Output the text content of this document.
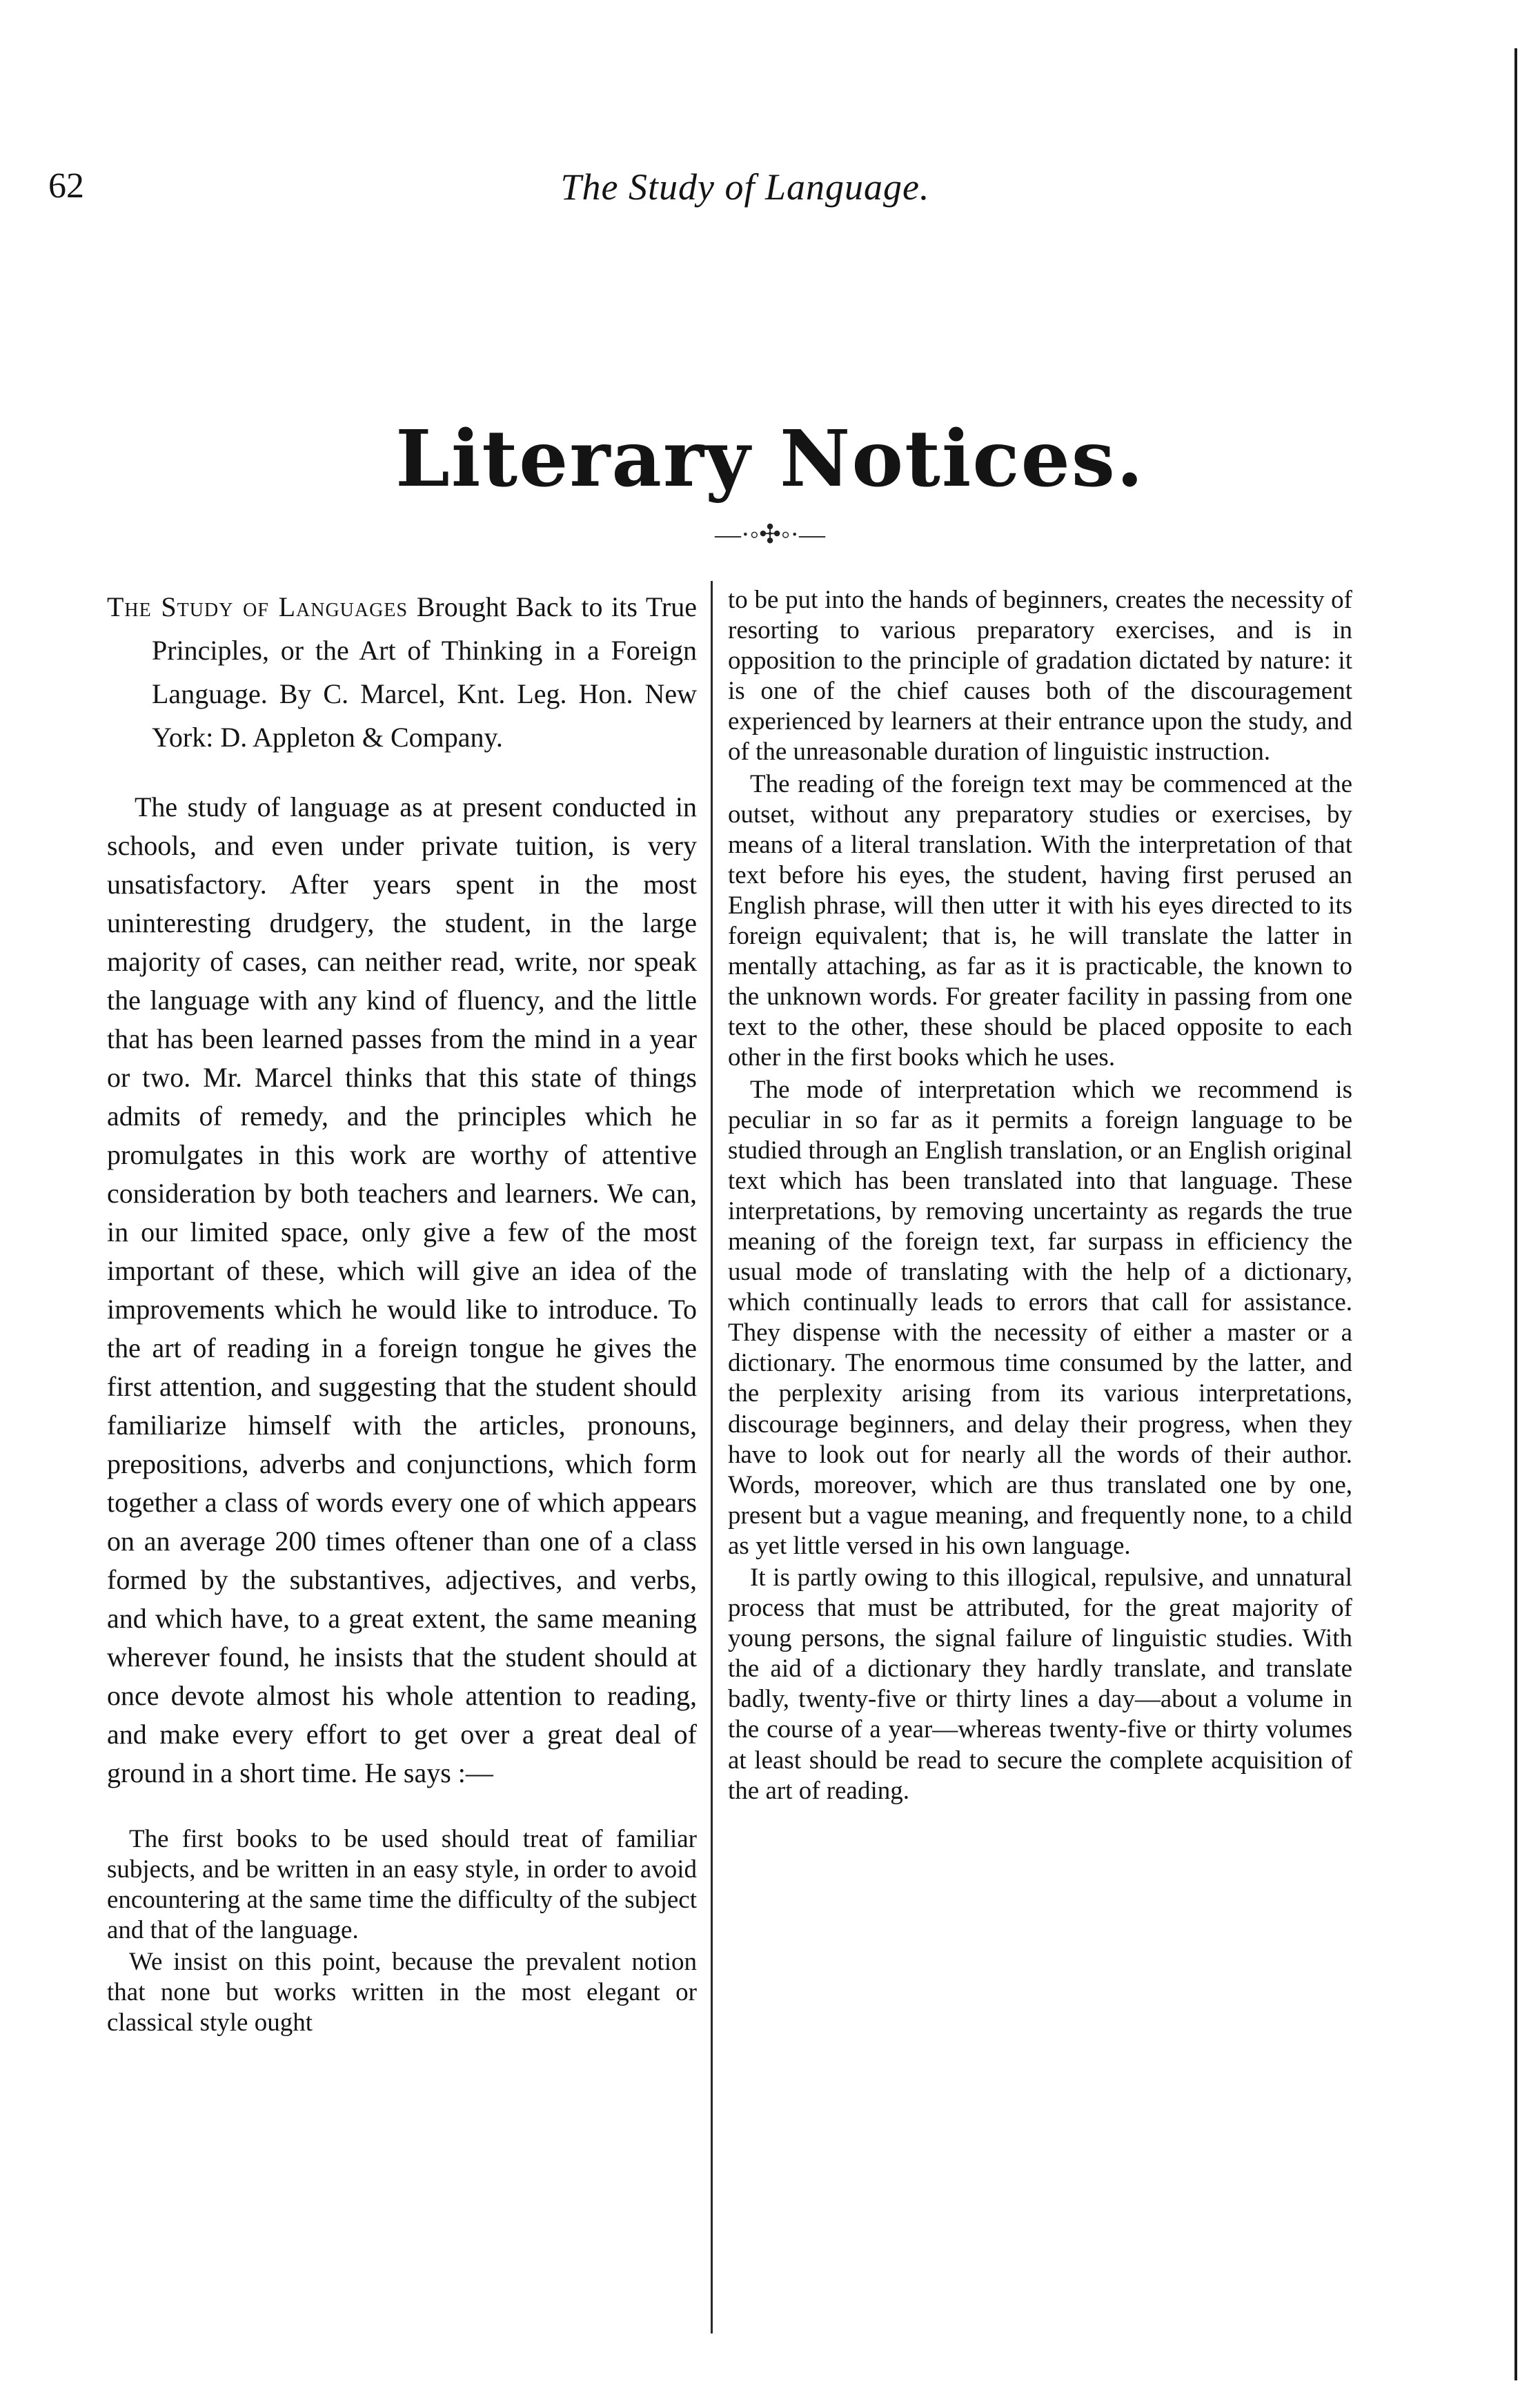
62	The Study of Language.
Literary Notices.
—·◦✣◦·—

The Study of Languages Brought Back to its True Principles, or the Art of Thinking in a Foreign Language. By C. Marcel, Knt. Leg. Hon. New York: D. Appleton & Company.

The study of language as at present conducted in schools, and even under private tuition, is very unsatisfactory. After years spent in the most uninteresting drudgery, the student, in the large majority of cases, can neither read, write, nor speak the language with any kind of fluency, and the little that has been learned passes from the mind in a year or two. Mr. Marcel thinks that this state of things admits of remedy, and the principles which he promulgates in this work are worthy of attentive consideration by both teachers and learners. We can, in our limited space, only give a few of the most important of these, which will give an idea of the improvements which he would like to introduce. To the art of reading in a foreign tongue he gives the first attention, and suggesting that the student should familiarize himself with the articles, pronouns, prepositions, adverbs and conjunctions, which form together a class of words every one of which appears on an average 200 times oftener than one of a class formed by the substantives, adjectives, and verbs, and which have, to a great extent, the same meaning wherever found, he insists that the student should at once devote almost his whole attention to reading, and make every effort to get over a great deal of ground in a short time. He says :—

The first books to be used should treat of familiar subjects, and be written in an easy style, in order to avoid encountering at the same time the difficulty of the subject and that of the language.

We insist on this point, because the prevalent notion that none but works written in the most elegant or classical style ought

to be put into the hands of beginners, creates the necessity of resorting to various preparatory exercises, and is in opposition to the principle of gradation dictated by nature: it is one of the chief causes both of the discouragement experienced by learners at their entrance upon the study, and of the unreasonable duration of linguistic instruction.

The reading of the foreign text may be commenced at the outset, without any preparatory studies or exercises, by means of a literal translation. With the interpretation of that text before his eyes, the student, having first perused an English phrase, will then utter it with his eyes directed to its foreign equivalent; that is, he will translate the latter in mentally attaching, as far as it is practicable, the known to the unknown words. For greater facility in passing from one text to the other, these should be placed opposite to each other in the first books which he uses.

The mode of interpretation which we recommend is peculiar in so far as it permits a foreign language to be studied through an English translation, or an English original text which has been translated into that language. These interpretations, by removing uncertainty as regards the true meaning of the foreign text, far surpass in efficiency the usual mode of translating with the help of a dictionary, which continually leads to errors that call for assistance. They dispense with the necessity of either a master or a dictionary. The enormous time consumed by the latter, and the perplexity arising from its various interpretations, discourage beginners, and delay their progress, when they have to look out for nearly all the words of their author. Words, moreover, which are thus translated one by one, present but a vague meaning, and frequently none, to a child as yet little versed in his own language.

It is partly owing to this illogical, repulsive, and unnatural process that must be attributed, for the great majority of young persons, the signal failure of linguistic studies. With the aid of a dictionary they hardly translate, and translate badly, twenty-five or thirty lines a day—about a volume in the course of a year—whereas twenty-five or thirty volumes at least should be read to secure the complete acquisition of the art of reading.
